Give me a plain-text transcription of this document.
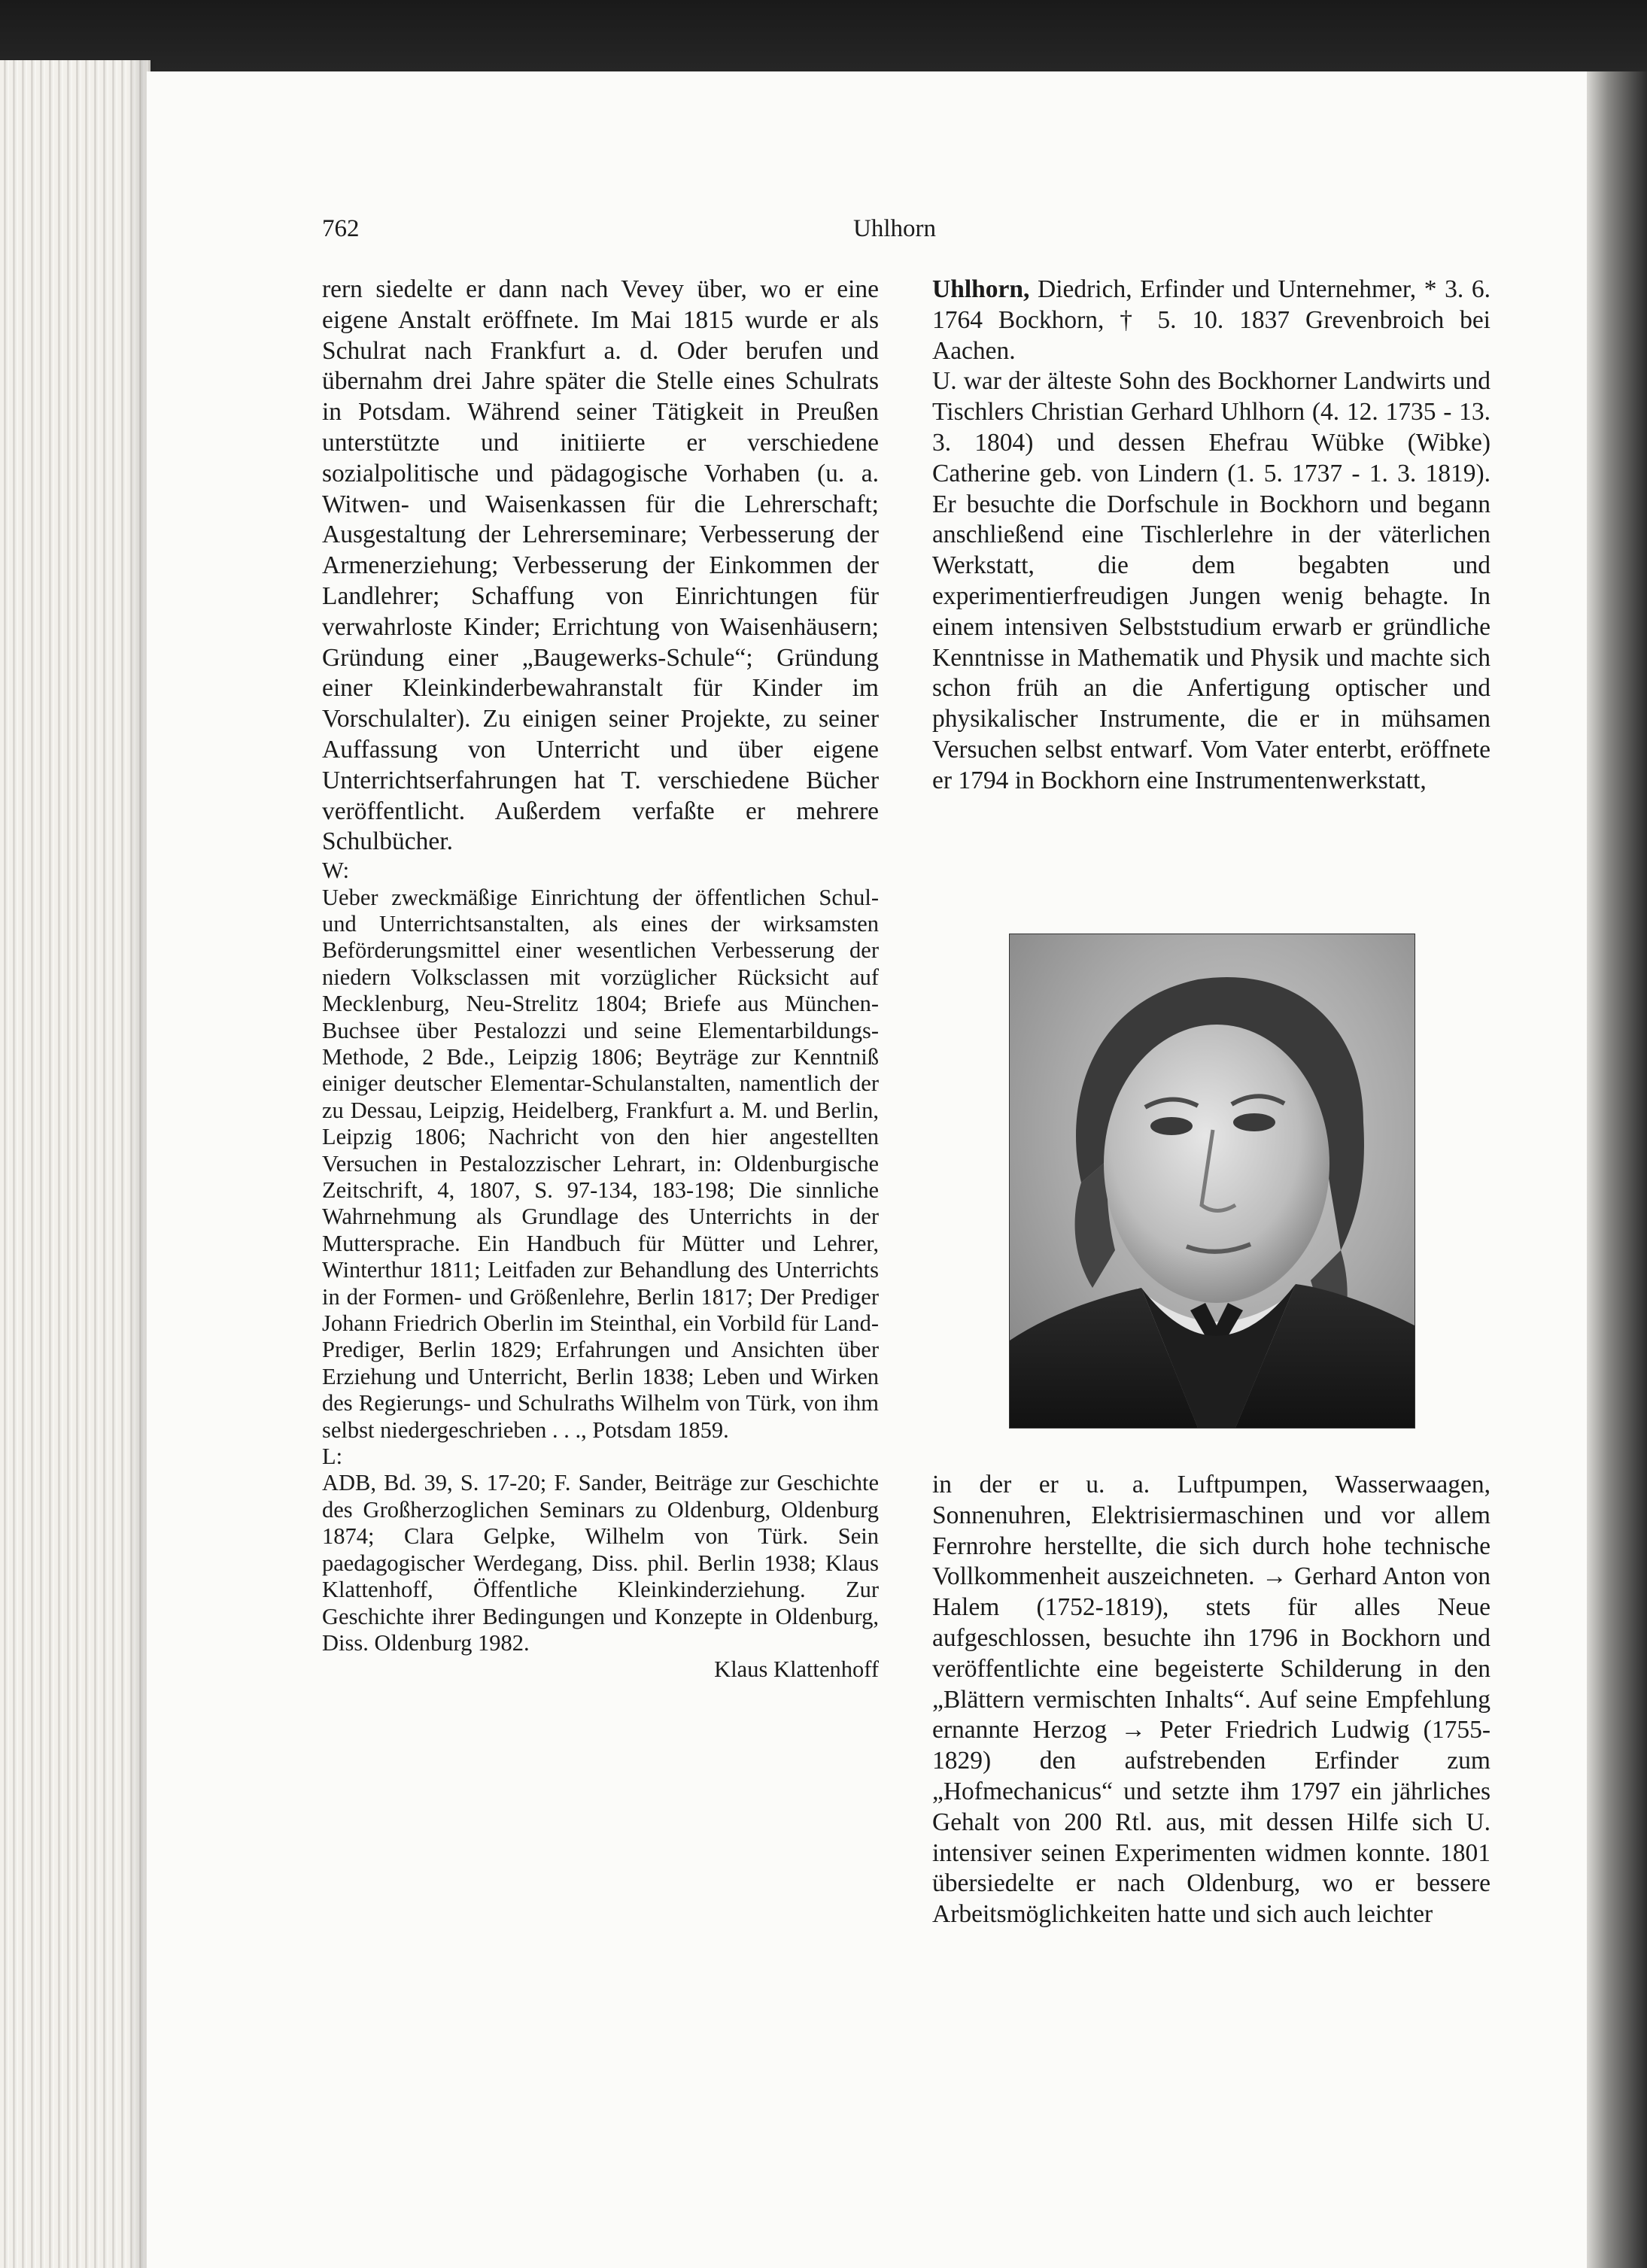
762	Uhlhorn

rern siedelte er dann nach Vevey über, wo er eine eigene Anstalt eröffnete. Im Mai 1815 wurde er als Schulrat nach Frankfurt a. d. Oder berufen und übernahm drei Jahre später die Stelle eines Schulrats in Potsdam. Während seiner Tätigkeit in Preußen unterstützte und initiierte er verschiedene sozialpolitische und pädagogische Vorhaben (u. a. Witwen- und Waisenkassen für die Lehrerschaft; Ausgestaltung der Lehrerseminare; Verbesserung der Armenerziehung; Verbesserung der Einkommen der Landlehrer; Schaffung von Einrichtungen für verwahrloste Kinder; Errichtung von Waisenhäusern; Gründung einer „Baugewerks-Schule“; Gründung einer Kleinkinderbewahranstalt für Kinder im Vorschulalter). Zu einigen seiner Projekte, zu seiner Auffassung von Unterricht und über eigene Unterrichtserfahrungen hat T. verschiedene Bücher veröffentlicht. Außerdem verfaßte er mehrere Schulbücher.

W:

Ueber zweckmäßige Einrichtung der öffentlichen Schul- und Unterrichtsanstalten, als eines der wirksamsten Beförderungsmittel einer wesentlichen Verbesserung der niedern Volksclassen mit vorzüglicher Rücksicht auf Mecklenburg, Neu-Strelitz 1804; Briefe aus München-Buchsee über Pestalozzi und seine Elementarbildungs-Methode, 2 Bde., Leipzig 1806; Beyträge zur Kenntniß einiger deutscher Elementar-Schulanstalten, namentlich der zu Dessau, Leipzig, Heidelberg, Frankfurt a. M. und Berlin, Leipzig 1806; Nachricht von den hier angestellten Versuchen in Pestalozzischer Lehrart, in: Oldenburgische Zeitschrift, 4, 1807, S. 97-134, 183-198; Die sinnliche Wahrnehmung als Grundlage des Unterrichts in der Muttersprache. Ein Handbuch für Mütter und Lehrer, Winterthur 1811; Leitfaden zur Behandlung des Unterrichts in der Formen- und Größenlehre, Berlin 1817; Der Prediger Johann Friedrich Oberlin im Steinthal, ein Vorbild für Land-Prediger, Berlin 1829; Erfahrungen und Ansichten über Erziehung und Unterricht, Berlin 1838; Leben und Wirken des Regierungs- und Schulraths Wilhelm von Türk, von ihm selbst niedergeschrieben . . ., Potsdam 1859.

L:

ADB, Bd. 39, S. 17-20; F. Sander, Beiträge zur Geschichte des Großherzoglichen Seminars zu Oldenburg, Oldenburg 1874; Clara Gelpke, Wilhelm von Türk. Sein paedagogischer Werdegang, Diss. phil. Berlin 1938; Klaus Klattenhoff, Öffentliche Kleinkinderziehung. Zur Geschichte ihrer Bedingungen und Konzepte in Oldenburg, Diss. Oldenburg 1982.

Klaus Klattenhoff

Uhlhorn, Diedrich, Erfinder und Unternehmer, * 3. 6. 1764 Bockhorn, † 5. 10. 1837 Grevenbroich bei Aachen.

U. war der älteste Sohn des Bockhorner Landwirts und Tischlers Christian Gerhard Uhlhorn (4. 12. 1735 - 13. 3. 1804) und dessen Ehefrau Wübke (Wibke) Catherine geb. von Lindern (1. 5. 1737 - 1. 3. 1819). Er besuchte die Dorfschule in Bockhorn und begann anschließend eine Tischlerlehre in der väterlichen Werkstatt, die dem begabten und experimentierfreudigen Jungen wenig behagte. In einem intensiven Selbststudium erwarb er gründliche Kenntnisse in Mathematik und Physik und machte sich schon früh an die Anfertigung optischer und physikalischer Instrumente, die er in mühsamen Versuchen selbst entwarf. Vom Vater enterbt, eröffnete er 1794 in Bockhorn eine Instrumentenwerkstatt,

in der er u. a. Luftpumpen, Wasserwaagen, Sonnenuhren, Elektrisiermaschinen und vor allem Fernrohre herstellte, die sich durch hohe technische Vollkommenheit auszeichneten. → Gerhard Anton von Halem (1752-1819), stets für alles Neue aufgeschlossen, besuchte ihn 1796 in Bockhorn und veröffentlichte eine begeisterte Schilderung in den „Blättern vermischten Inhalts“. Auf seine Empfehlung ernannte Herzog → Peter Friedrich Ludwig (1755-1829) den aufstrebenden Erfinder zum „Hofmechanicus“ und setzte ihm 1797 ein jährliches Gehalt von 200 Rtl. aus, mit dessen Hilfe sich U. intensiver seinen Experimenten widmen konnte. 1801 übersiedelte er nach Oldenburg, wo er bessere Arbeitsmöglichkeiten hatte und sich auch leichter
